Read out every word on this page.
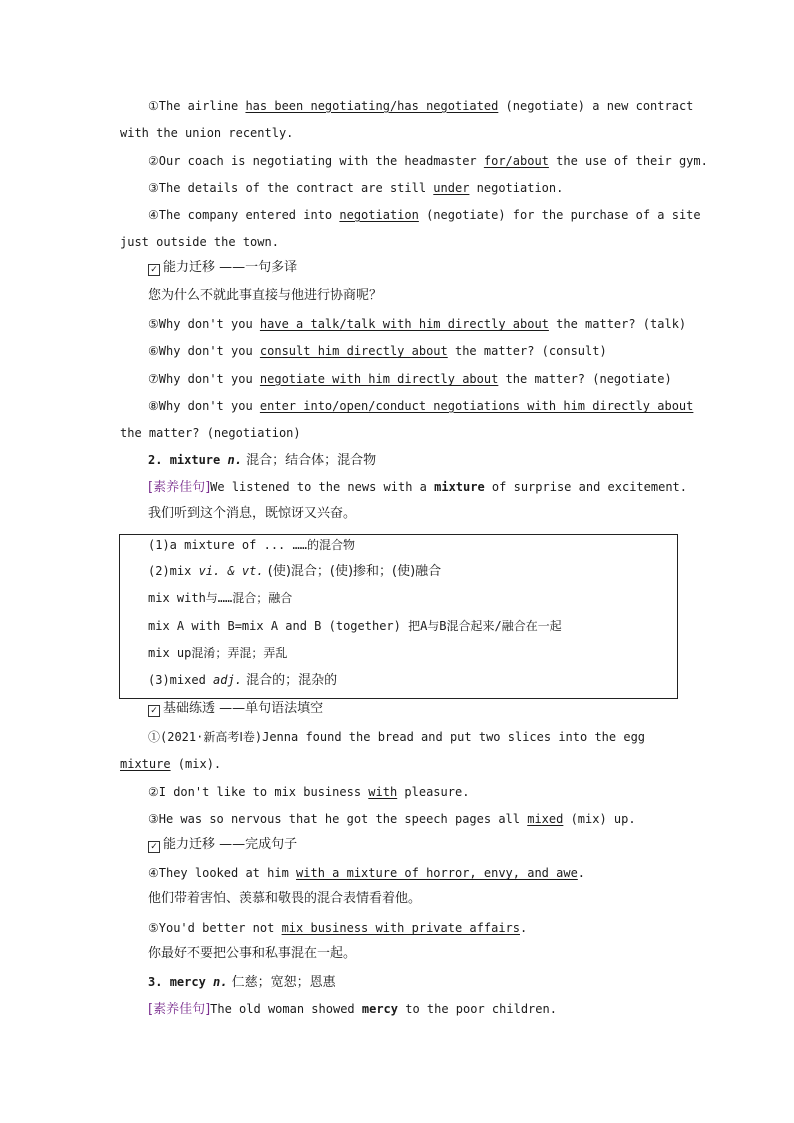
①The airline has been negotiating/has negotiated (negotiate) a new contract
with the union recently.
②Our coach is negotiating with the headmaster for/about the use of their gym.
③The details of the contract are still under negotiation.
④The company entered into negotiation (negotiate) for the purchase of a site
just outside the town.
✓ 能力迁移 ——一句多译
您为什么不就此事直接与他进行协商呢？
⑤Why don't you have a talk/talk with him directly about the matter? (talk)
⑥Why don't you consult him directly about the matter? (consult)
⑦Why don't you negotiate with him directly about the matter? (negotiate)
⑧Why don't you enter into/open/conduct negotiations with him directly about
the matter? (negotiation)
2. mixture n. 混合；结合体；混合物
[素养佳句]We listened to the news with a mixture of surprise and excitement.
我们听到这个消息，既惊讶又兴奋。
(1)a mixture of ... ……的混合物
(2)mix vi. & vt. (使)混合；(使)掺和；(使)融合
mix with与……混合；融合
mix A with B=mix A and B (together) 把A与B混合起来/融合在一起
mix up混淆；弄混；弄乱
(3)mixed adj. 混合的；混杂的
✓ 基础练透 ——单句语法填空
①(2021·新高考Ⅰ卷)Jenna found the bread and put two slices into the egg
mixture (mix).
②I don't like to mix business with pleasure.
③He was so nervous that he got the speech pages all mixed (mix) up.
✓ 能力迁移 ——完成句子
④They looked at him with a mixture of horror, envy, and awe.
他们带着害怕、羡慕和敬畏的混合表情看着他。
⑤You'd better not mix business with private affairs.
你最好不要把公事和私事混在一起。
3. mercy n. 仁慈；宽恕；恩惠
[素养佳句]The old woman showed mercy to the poor children.
